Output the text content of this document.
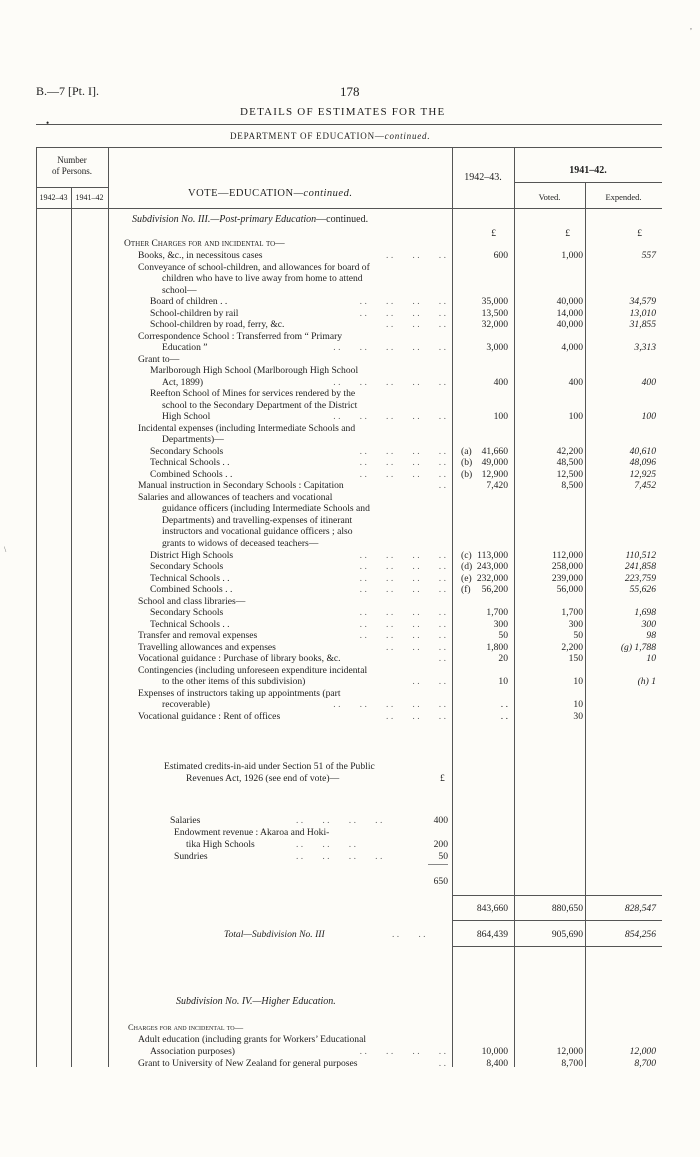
B.—7 [Pt. I].	178
DETAILS OF ESTIMATES FOR THE
•
DEPARTMENT OF EDUCATION—continued.
Number
of Persons.
1942–43	1941–42	VOTE—EDUCATION—continued.
1942–43.
1941–42.
Voted.	Expended.
Subdivision No. III.—Post-primary Education—continued.
£	£	£
Other Charges for and incidental to—
Books, &c., in necessitous cases	. .  . .  . .	600	1,000	557
Conveyance of school-children, and allowances for board of
children who have to live away from home to attend
school—
Board of children . .	. .  . .  . .  . .	35,000	40,000	34,579
School-children by rail	. .  . .  . .  . .	13,500	14,000	13,010
School-children by road, ferry, &c.	. .  . .  . .	32,000	40,000	31,855
Correspondence School : Transferred from “ Primary
Education ”	. .  . .  . .  . .  . .	3,000	4,000	3,313
Grant to—
Marlborough High School (Marlborough High School
Act, 1899)	. .  . .  . .  . .  . .	400	400	400
Reefton School of Mines for services rendered by the
school to the Secondary Department of the District
High School	. .  . .  . .  . .  . .	100	100	100
Incidental expenses (including Intermediate Schools and
Departments)—
Secondary Schools	. .  . .  . .  . . (a) 41,660	42,200	40,610
Technical Schools . .	. .  . .  . .  . . (b) 49,000	48,500	48,096
Combined Schools . .	. .  . .  . .  . . (b) 12,900	12,500	12,925
Manual instruction in Secondary Schools : Capitation	. .	7,420	8,500	7,452
Salaries and allowances of teachers and vocational
guidance officers (including Intermediate Schools and
Departments) and travelling-expenses of itinerant
instructors and vocational guidance officers ; also
grants to widows of deceased teachers—
District High Schools	. .  . .  . .  . . (c) 113,000	112,000	110,512
Secondary Schools	. .  . .  . .  . . (d) 243,000	258,000	241,858
Technical Schools . .	. .  . .  . .  . . (e) 232,000	239,000	223,759
Combined Schools . .	. .  . .  . .  . . (f) 56,200	56,000	55,626
School and class libraries—
Secondary Schools	. .  . .  . .  . .	1,700	1,700	1,698
Technical Schools . .	. .  . .  . .  . .	300	300	300
Transfer and removal expenses	. .  . .  . .  . .	50	50	98
Travelling allowances and expenses	. .  . .  . .	1,800	2,200	(g) 1,788
Vocational guidance : Purchase of library books, &c.	. .	20	150	10
Contingencies (including unforeseen expenditure incidental
to the other items of this subdivision)	. .  . .	10	10	(h) 1
Expenses of instructors taking up appointments (part
recoverable)	. .  . .  . .  . .  . .	. .	10
Vocational guidance : Rent of offices	. .  . .  . .	. .	30
Estimated credits-in-aid under Section 51 of the Public
Revenues Act, 1926 (see end of vote)—	£
Salaries	. .  . .  . .  . .	400
Endowment revenue : Akaroa and Hoki-
tika High Schools	. .  . .  . .	200
Sundries	. .  . .  . .  . .	50
650
843,660	880,650	828,547
Total—Subdivision No. III	. .  . .	864,439	905,690	854,256
Subdivision No. IV.—Higher Education.
Charges for and incidental to—
Adult education (including grants for Workers’ Educational
Association purposes)	. .  . .  . .  . .	10,000	12,000	12,000
Grant to University of New Zealand for general purposes	. .	8,400	8,700	8,700
\
,
